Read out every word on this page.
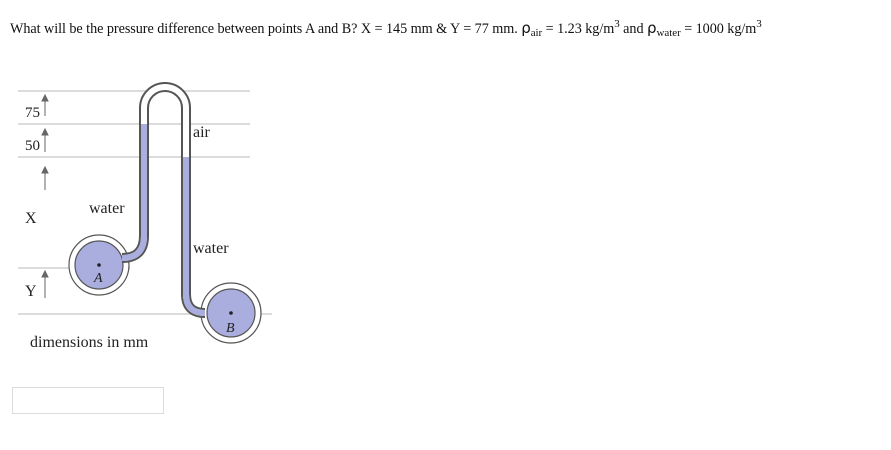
What will be the pressure difference between points A and B? X = 145 mm & Y = 77 mm. $\rho_{air} = 1.23$ $kg/m^3$ and $\rho_{water} = 1000$ $kg/m^3$
75
50
X
Y
A
B
water
air
water
dimensions in mm
